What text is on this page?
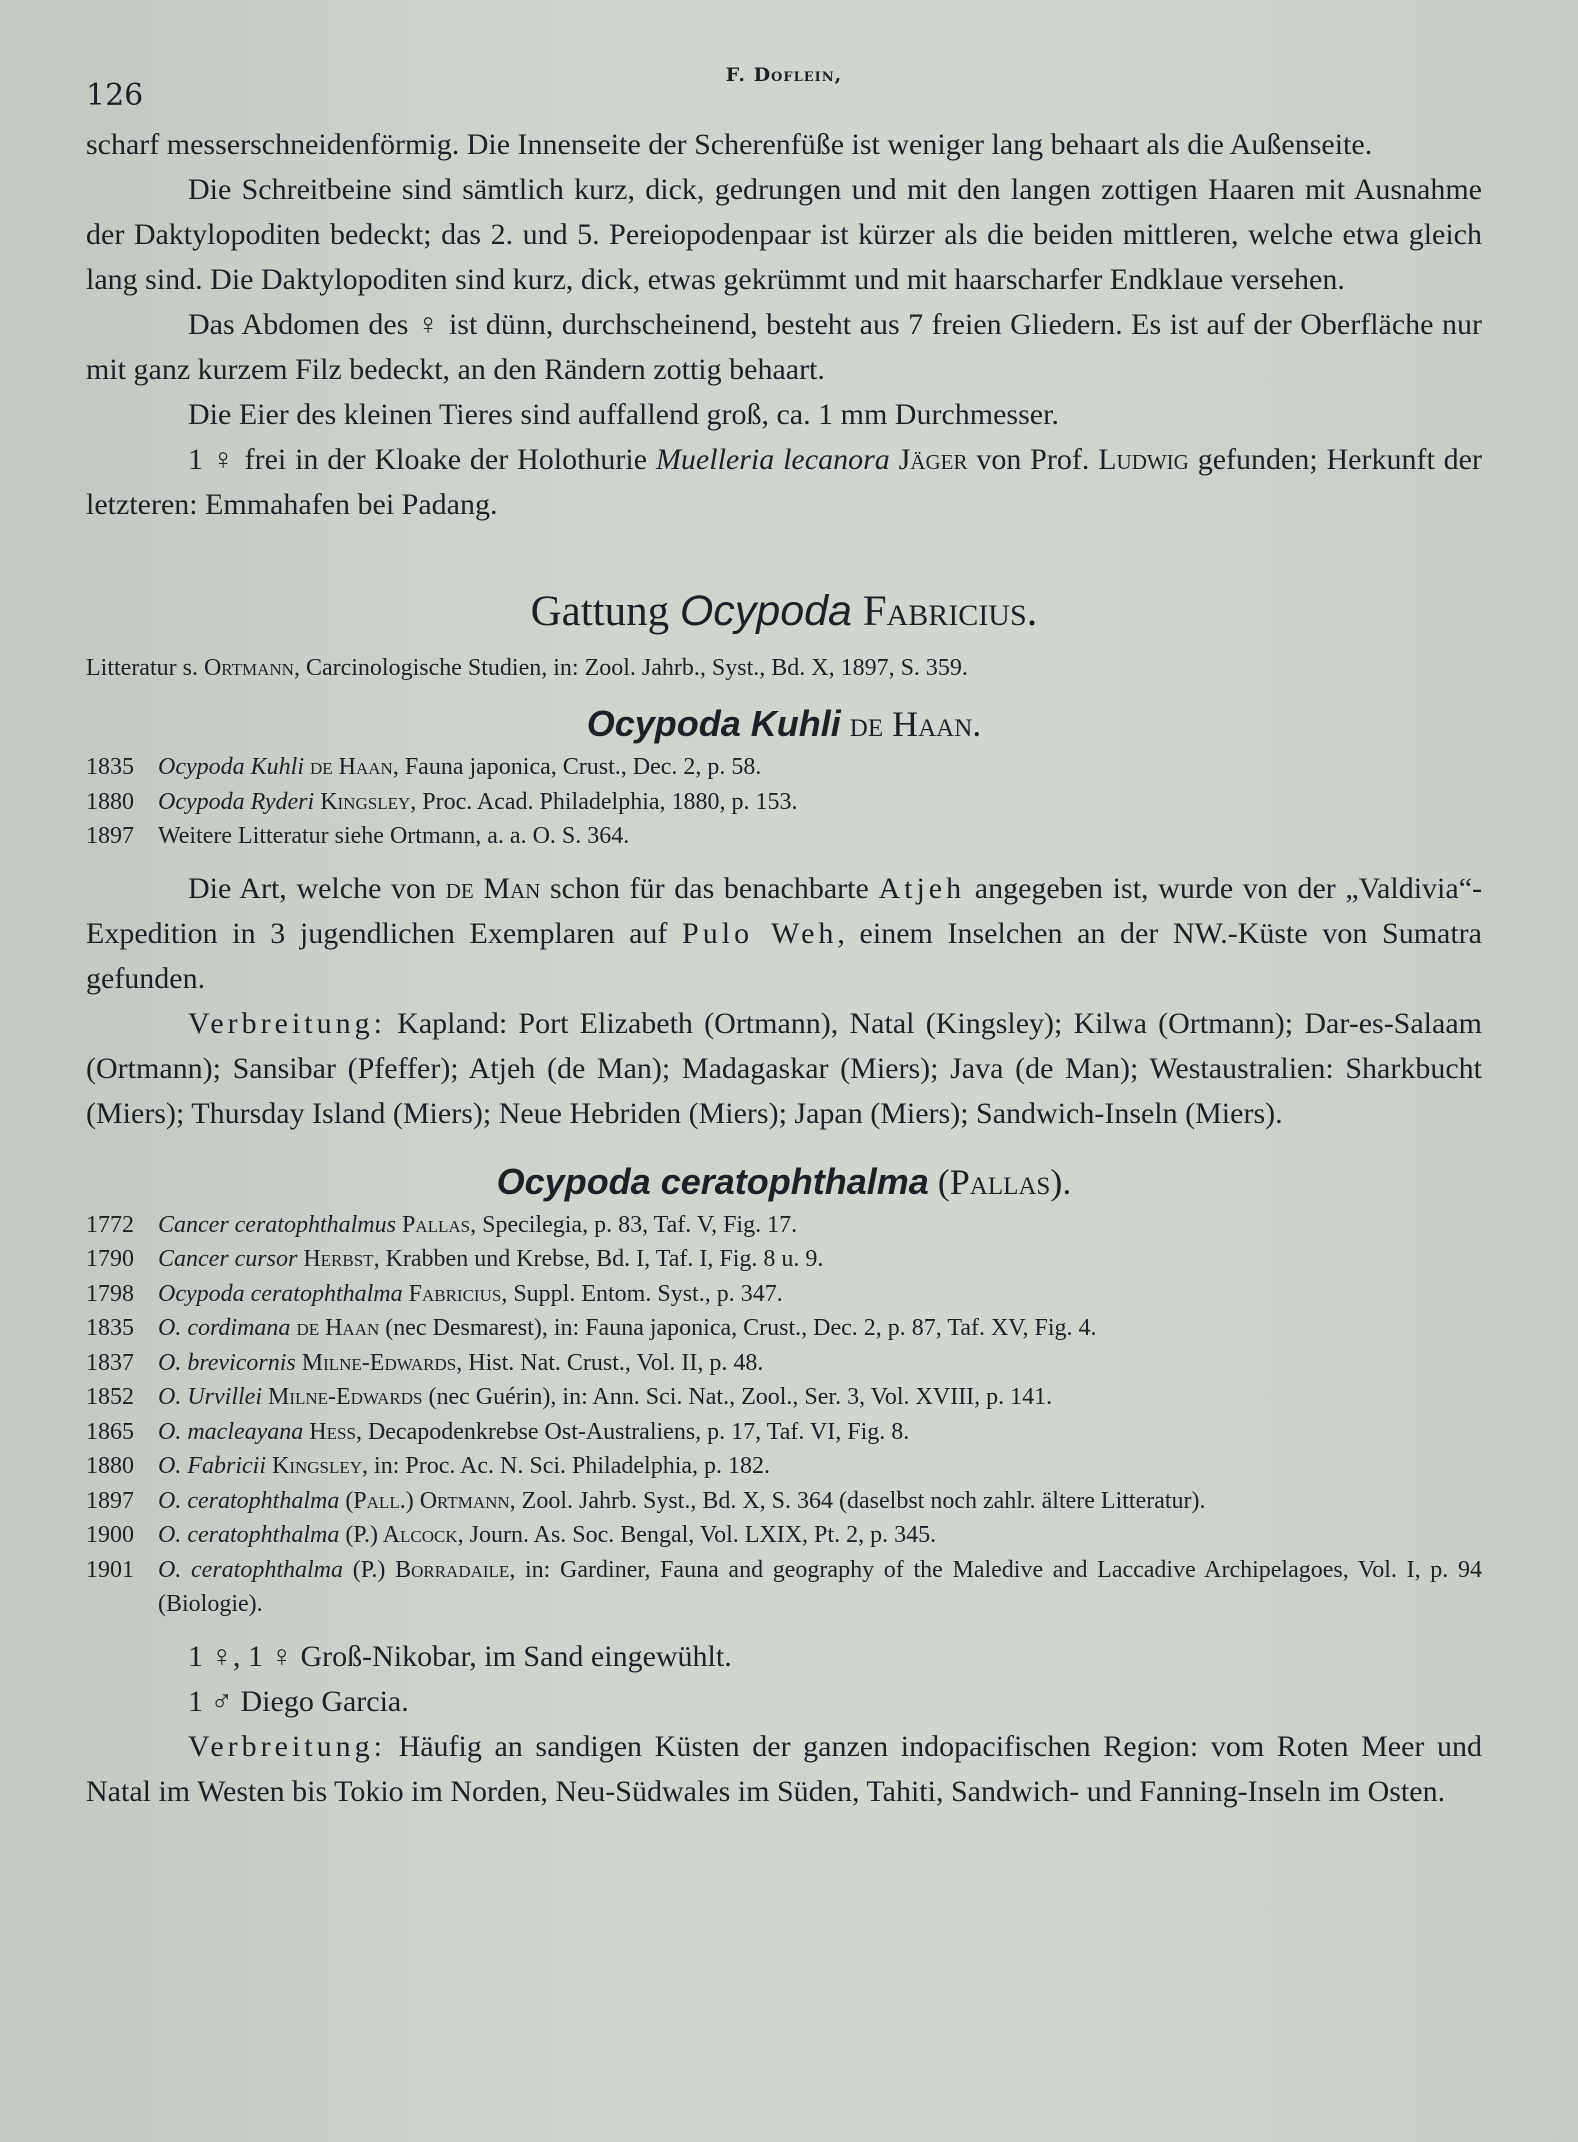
126
F. Doflein,

scharf messerschneidenförmig. Die Innenseite der Scherenfüße ist weniger lang behaart als die Außenseite.

Die Schreitbeine sind sämtlich kurz, dick, gedrungen und mit den langen zottigen Haaren mit Ausnahme der Daktylopoditen bedeckt; das 2. und 5. Pereiopodenpaar ist kürzer als die beiden mittleren, welche etwa gleich lang sind. Die Daktylopoditen sind kurz, dick, etwas gekrümmt und mit haarscharfer Endklaue versehen.

Das Abdomen des ♀ ist dünn, durchscheinend, besteht aus 7 freien Gliedern. Es ist auf der Oberfläche nur mit ganz kurzem Filz bedeckt, an den Rändern zottig behaart.

Die Eier des kleinen Tieres sind auffallend groß, ca. 1 mm Durchmesser.

1 ♀ frei in der Kloake der Holothurie Muelleria lecanora Jäger von Prof. Ludwig gefunden; Herkunft der letzteren: Emmahafen bei Padang.

Gattung Ocypoda Fabricius.
Litteratur s. Ortmann, Carcinologische Studien, in: Zool. Jahrb., Syst., Bd. X, 1897, S. 359.
Ocypoda Kuhli de Haan.
1835	Ocypoda Kuhli de Haan, Fauna japonica, Crust., Dec. 2, p. 58.
1880	Ocypoda Ryderi Kingsley, Proc. Acad. Philadelphia, 1880, p. 153.
1897	Weitere Litteratur siehe Ortmann, a. a. O. S. 364.

Die Art, welche von de Man schon für das benachbarte Atjeh angegeben ist, wurde von der „Valdivia“-Expedition in 3 jugendlichen Exemplaren auf Pulo Weh, einem Inselchen an der NW.-Küste von Sumatra gefunden.

Verbreitung: Kapland: Port Elizabeth (Ortmann), Natal (Kingsley); Kilwa (Ortmann); Dar-es-Salaam (Ortmann); Sansibar (Pfeffer); Atjeh (de Man); Madagaskar (Miers); Java (de Man); Westaustralien: Sharkbucht (Miers); Thursday Island (Miers); Neue Hebriden (Miers); Japan (Miers); Sandwich-Inseln (Miers).

Ocypoda ceratophthalma (Pallas).
1772	Cancer ceratophthalmus Pallas, Specilegia, p. 83, Taf. V, Fig. 17.
1790	Cancer cursor Herbst, Krabben und Krebse, Bd. I, Taf. I, Fig. 8 u. 9.
1798	Ocypoda ceratophthalma Fabricius, Suppl. Entom. Syst., p. 347.
1835	O. cordimana de Haan (nec Desmarest), in: Fauna japonica, Crust., Dec. 2, p. 87, Taf. XV, Fig. 4.
1837	O. brevicornis Milne-Edwards, Hist. Nat. Crust., Vol. II, p. 48.
1852	O. Urvillei Milne-Edwards (nec Guérin), in: Ann. Sci. Nat., Zool., Ser. 3, Vol. XVIII, p. 141.
1865	O. macleayana Hess, Decapodenkrebse Ost-Australiens, p. 17, Taf. VI, Fig. 8.
1880	O. Fabricii Kingsley, in: Proc. Ac. N. Sci. Philadelphia, p. 182.
1897	O. ceratophthalma (Pall.) Ortmann, Zool. Jahrb. Syst., Bd. X, S. 364 (daselbst noch zahlr. ältere Litteratur).
1900	O. ceratophthalma (P.) Alcock, Journ. As. Soc. Bengal, Vol. LXIX, Pt. 2, p. 345.
1901	O. ceratophthalma (P.) Borradaile, in: Gardiner, Fauna and geography of the Maledive and Laccadive Archipelagoes, Vol. I, p. 94 (Biologie).

1 ♀, 1 ♀ Groß-Nikobar, im Sand eingewühlt.

1 ♂ Diego Garcia.

Verbreitung: Häufig an sandigen Küsten der ganzen indopacifischen Region: vom Roten Meer und Natal im Westen bis Tokio im Norden, Neu-Südwales im Süden, Tahiti, Sandwich- und Fanning-Inseln im Osten.
